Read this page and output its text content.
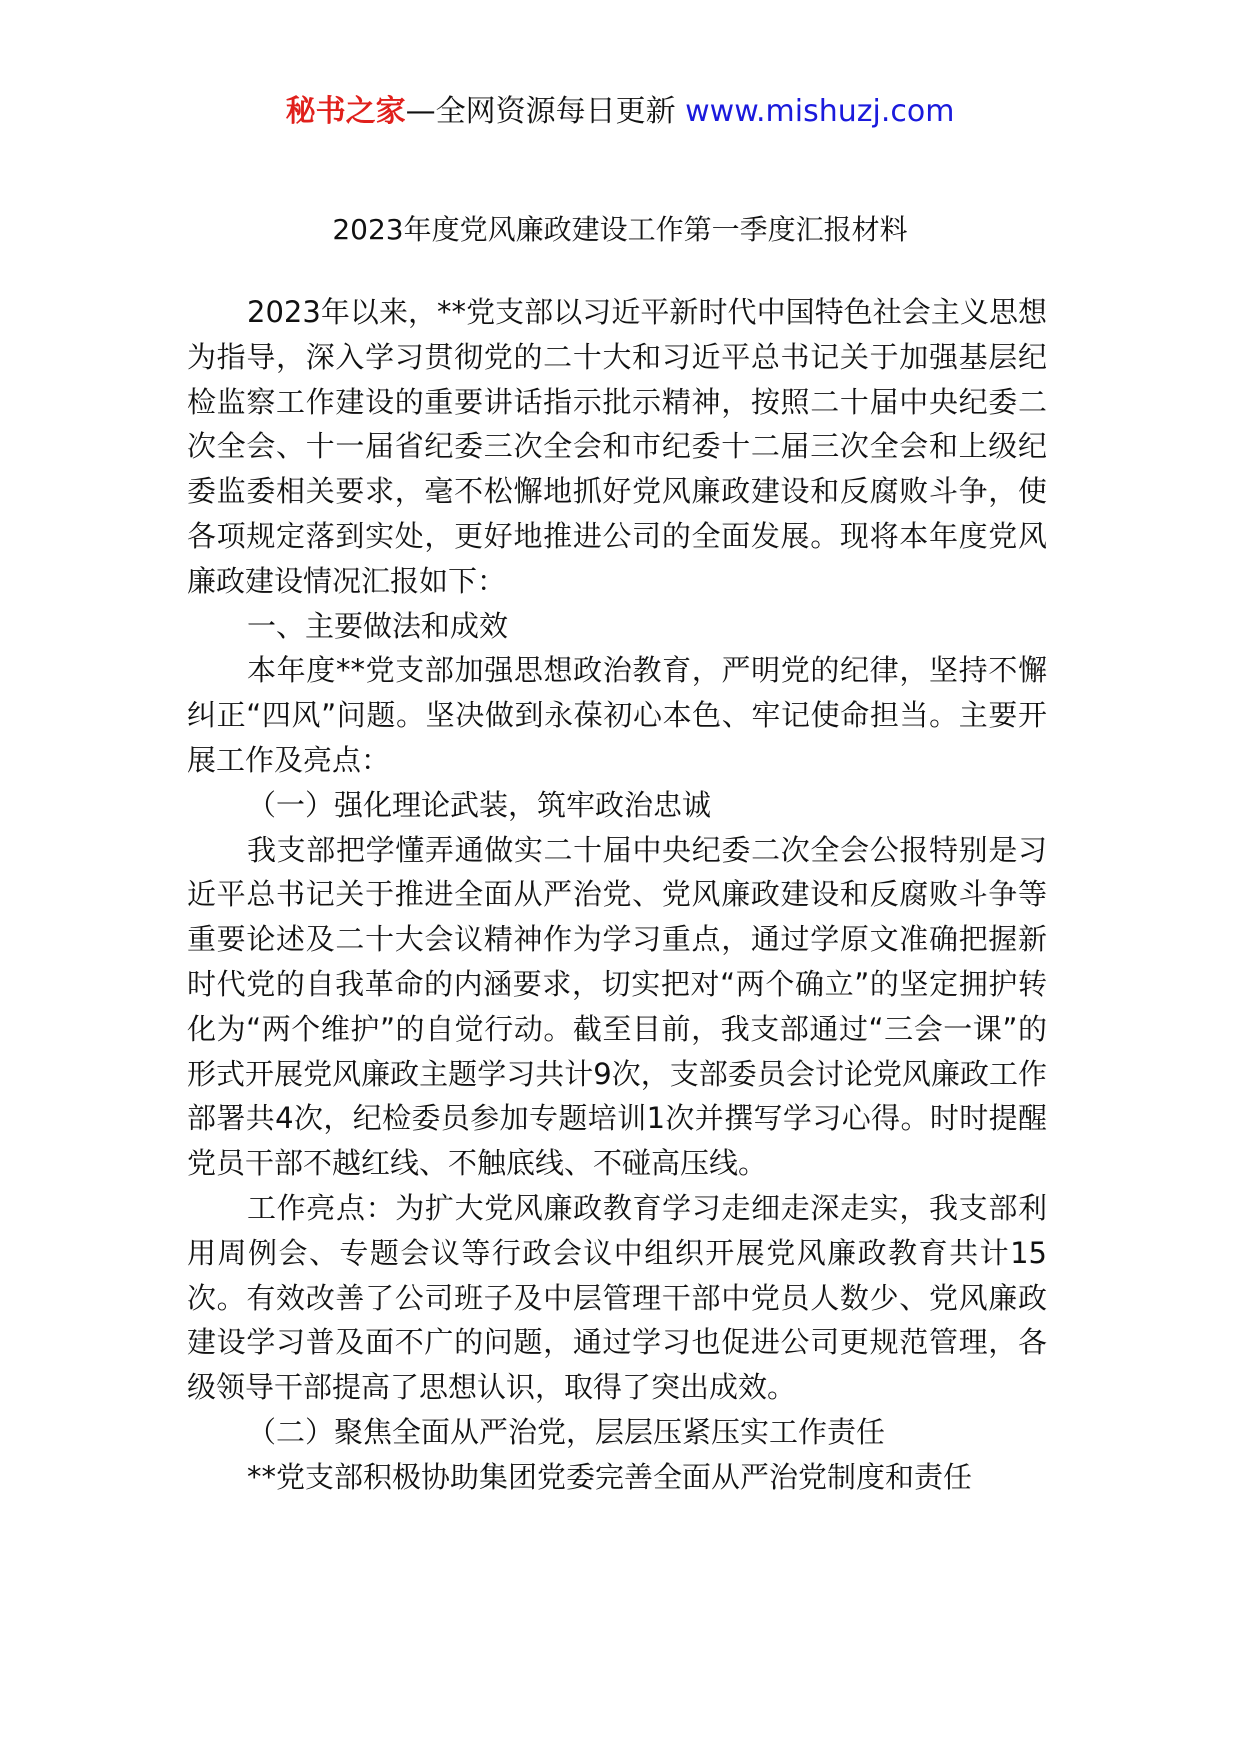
秘书之家—全网资源每日更新 www.mishuzj.com
2023年度党风廉政建设工作第一季度汇报材料

2023年以来，**党支部以习近平新时代中国特色社会主义思想为指导，深入学习贯彻党的二十大和习近平总书记关于加强基层纪检监察工作建设的重要讲话指示批示精神，按照二十届中央纪委二次全会、十一届省纪委三次全会和市纪委十二届三次全会和上级纪委监委相关要求，毫不松懈地抓好党风廉政建设和反腐败斗争，使各项规定落到实处，更好地推进公司的全面发展。现将本年度党风廉政建设情况汇报如下：

一、主要做法和成效

本年度**党支部加强思想政治教育，严明党的纪律，坚持不懈纠正“四风”问题。坚决做到永葆初心本色、牢记使命担当。主要开展工作及亮点：

（一）强化理论武装，筑牢政治忠诚

我支部把学懂弄通做实二十届中央纪委二次全会公报特别是习近平总书记关于推进全面从严治党、党风廉政建设和反腐败斗争等重要论述及二十大会议精神作为学习重点，通过学原文准确把握新时代党的自我革命的内涵要求，切实把对“两个确立”的坚定拥护转化为“两个维护”的自觉行动。截至目前，我支部通过“三会一课”的形式开展党风廉政主题学习共计9次，支部委员会讨论党风廉政工作部署共4次，纪检委员参加专题培训1次并撰写学习心得。时时提醒党员干部不越红线、不触底线、不碰高压线。

工作亮点：为扩大党风廉政教育学习走细走深走实，我支部利用周例会、专题会议等行政会议中组织开展党风廉政教育共计15次。有效改善了公司班子及中层管理干部中党员人数少、党风廉政建设学习普及面不广的问题，通过学习也促进公司更规范管理，各级领导干部提高了思想认识，取得了突出成效。

（二）聚焦全面从严治党，层层压紧压实工作责任

**党支部积极协助集团党委完善全面从严治党制度和责任
